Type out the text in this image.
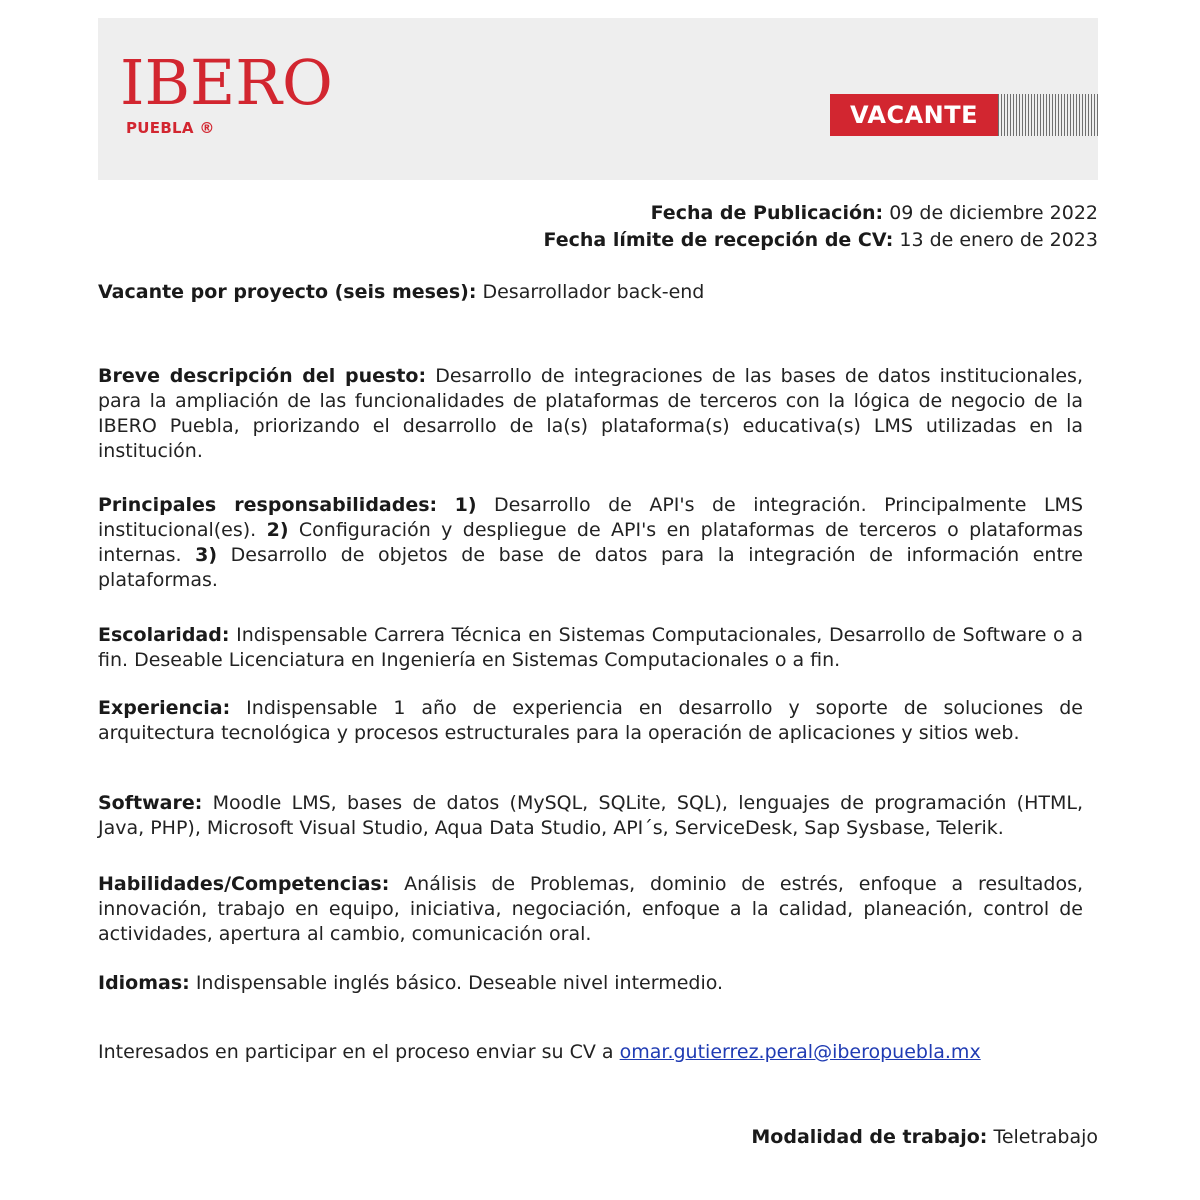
IBERO
PUEBLA ®	VACANTE
Fecha de Publicación: 09 de diciembre 2022
Fecha límite de recepción de CV: 13 de enero de 2023
Vacante por proyecto (seis meses): Desarrollador back-end
Breve descripción del puesto: Desarrollo de integraciones de las bases de datos institucionales, para la ampliación de las funcionalidades de plataformas de terceros con la lógica de negocio de la IBERO Puebla, priorizando el desarrollo de la(s) plataforma(s) educativa(s) LMS utilizadas en la institución.
Principales responsabilidades: 1) Desarrollo de API's de integración. Principalmente LMS institucional(es). 2) Configuración y despliegue de API's en plataformas de terceros o plataformas internas. 3) Desarrollo de objetos de base de datos para la integración de información entre plataformas.
Escolaridad: Indispensable Carrera Técnica en Sistemas Computacionales, Desarrollo de Software o a fin. Deseable Licenciatura en Ingeniería en Sistemas Computacionales o a fin.
Experiencia: Indispensable 1 año de experiencia en desarrollo y soporte de soluciones de arquitectura tecnológica y procesos estructurales para la operación de aplicaciones y sitios web.
Software: Moodle LMS, bases de datos (MySQL, SQLite, SQL), lenguajes de programación (HTML, Java, PHP), Microsoft Visual Studio, Aqua Data Studio, API´s, ServiceDesk, Sap Sysbase, Telerik.
Habilidades/Competencias: Análisis de Problemas, dominio de estrés, enfoque a resultados, innovación, trabajo en equipo, iniciativa, negociación, enfoque a la calidad, planeación, control de actividades, apertura al cambio, comunicación oral.
Idiomas: Indispensable inglés básico. Deseable nivel intermedio.
Interesados en participar en el proceso enviar su CV a omar.gutierrez.peral@iberopuebla.mx
Modalidad de trabajo: Teletrabajo
